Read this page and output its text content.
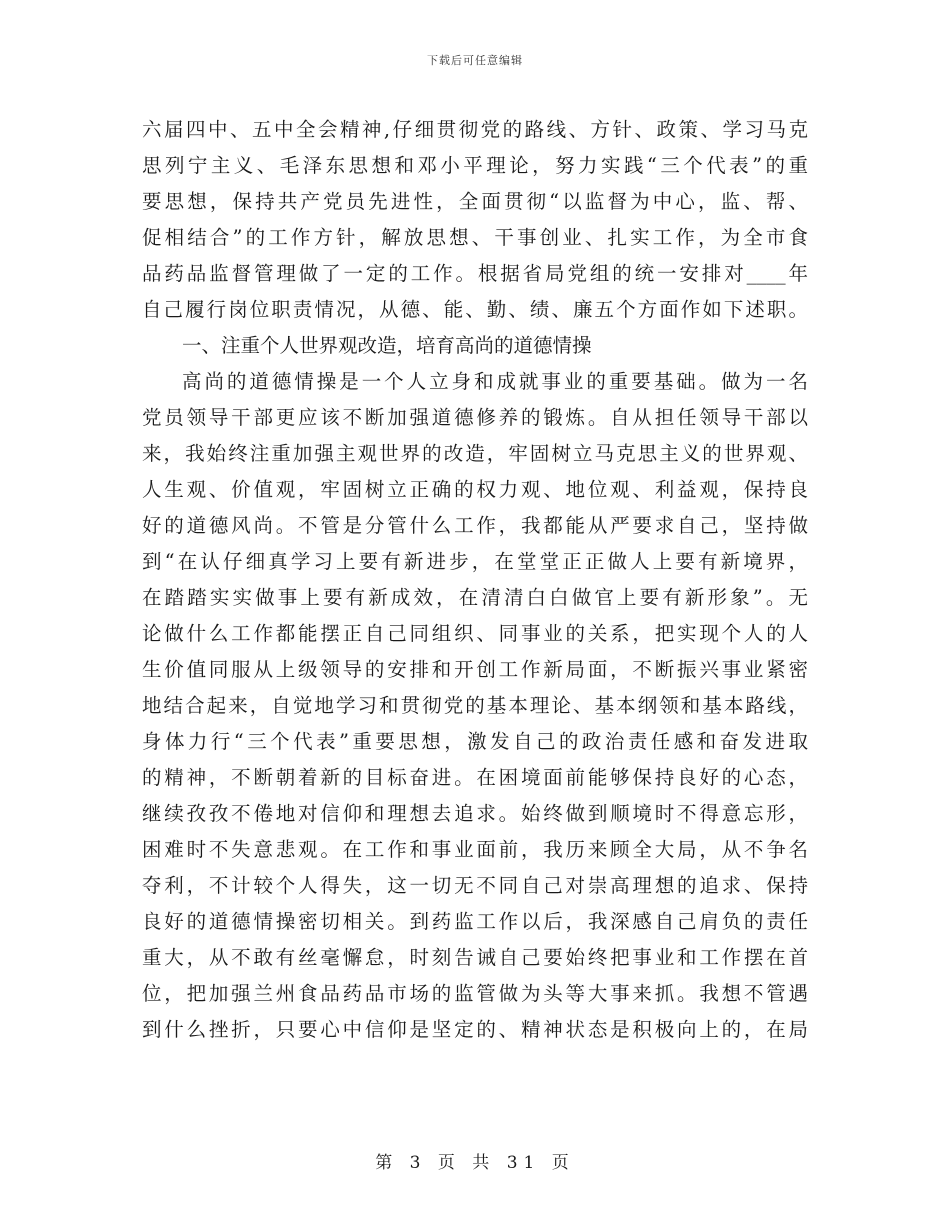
下载后可任意编辑
六届四中、五中全会精神,仔细贯彻党的路线、方针、政策、学习马克
思列宁主义、毛泽东思想和邓小平理论，努力实践“三个代表”的重
要思想，保持共产党员先进性，全面贯彻“以监督为中心，监、帮、
促相结合”的工作方针，解放思想、干事创业、扎实工作，为全市食
品药品监督管理做了一定的工作。根据省局党组的统一安排对____年
自己履行岗位职责情况，从德、能、勤、绩、廉五个方面作如下述职。
一、注重个人世界观改造，培育高尚的道德情操
高尚的道德情操是一个人立身和成就事业的重要基础。做为一名
党员领导干部更应该不断加强道德修养的锻炼。自从担任领导干部以
来，我始终注重加强主观世界的改造，牢固树立马克思主义的世界观、
人生观、价值观，牢固树立正确的权力观、地位观、利益观，保持良
好的道德风尚。不管是分管什么工作，我都能从严要求自己，坚持做
到“在认仔细真学习上要有新进步，在堂堂正正做人上要有新境界，
在踏踏实实做事上要有新成效，在清清白白做官上要有新形象”。无
论做什么工作都能摆正自己同组织、同事业的关系，把实现个人的人
生价值同服从上级领导的安排和开创工作新局面，不断振兴事业紧密
地结合起来，自觉地学习和贯彻党的基本理论、基本纲领和基本路线，
身体力行“三个代表”重要思想，激发自己的政治责任感和奋发进取
的精神，不断朝着新的目标奋进。在困境面前能够保持良好的心态，
继续孜孜不倦地对信仰和理想去追求。始终做到顺境时不得意忘形，
困难时不失意悲观。在工作和事业面前，我历来顾全大局，从不争名
夺利，不计较个人得失，这一切无不同自己对崇高理想的追求、保持
良好的道德情操密切相关。到药监工作以后，我深感自己肩负的责任
重大，从不敢有丝毫懈怠，时刻告诫自己要始终把事业和工作摆在首
位，把加强兰州食品药品市场的监管做为头等大事来抓。我想不管遇
到什么挫折，只要心中信仰是坚定的、精神状态是积极向上的，在局
第 3 页 共 31 页
